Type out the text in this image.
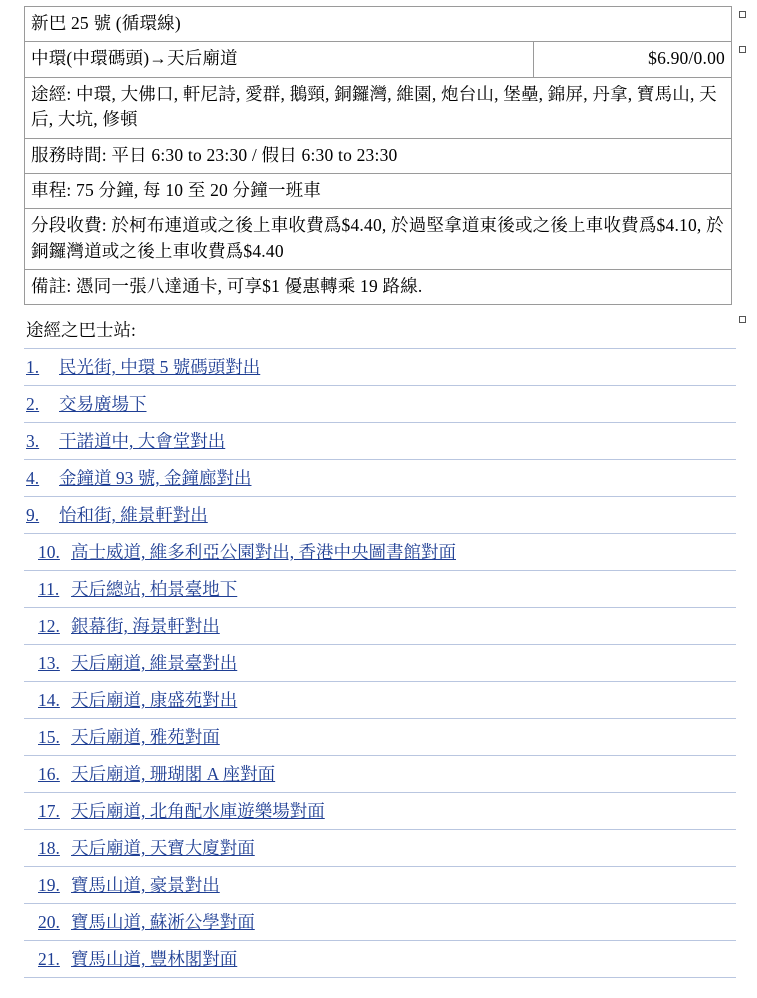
新巴 25 號 (循環線)
中環(中環碼頭)→天后廟道	$6.90/0.00
途經: 中環, 大佛口, 軒尼詩, 愛群, 鵝頸, 銅鑼灣, 維園, 炮台山, 堡壘, 錦屏, 丹拿, 寶馬山, 天后, 大坑, 修頓
服務時間: 平日 6:30 to 23:30 / 假日 6:30 to 23:30
車程: 75 分鐘, 每 10 至 20 分鐘一班車
分段收費: 於柯布連道或之後上車收費爲$4.40, 於過堅拿道東後或之後上車收費爲$4.10, 於銅鑼灣道或之後上車收費爲$4.40
備註: 憑同一張八達通卡, 可享$1 優惠轉乘 19 路線.
途經之巴士站:
1.	民光街, 中環 5 號碼頭對出
2.	交易廣場下
3.	干諾道中, 大會堂對出
4.	金鐘道 93 號, 金鐘廊對出
9.	怡和街, 維景軒對出
10. 高士威道, 維多利亞公園對出, 香港中央圖書館對面
11. 天后總站, 柏景臺地下
12. 銀幕街, 海景軒對出
13. 天后廟道, 維景臺對出
14. 天后廟道, 康盛苑對出
15. 天后廟道, 雅苑對面
16. 天后廟道, 珊瑚閣 A 座對面
17. 天后廟道, 北角配水庫遊樂場對面
18. 天后廟道, 天寶大廈對面
19. 寶馬山道, 豪景對出
20. 寶馬山道, 蘇淅公學對面
21. 寶馬山道, 豐林閣對面
